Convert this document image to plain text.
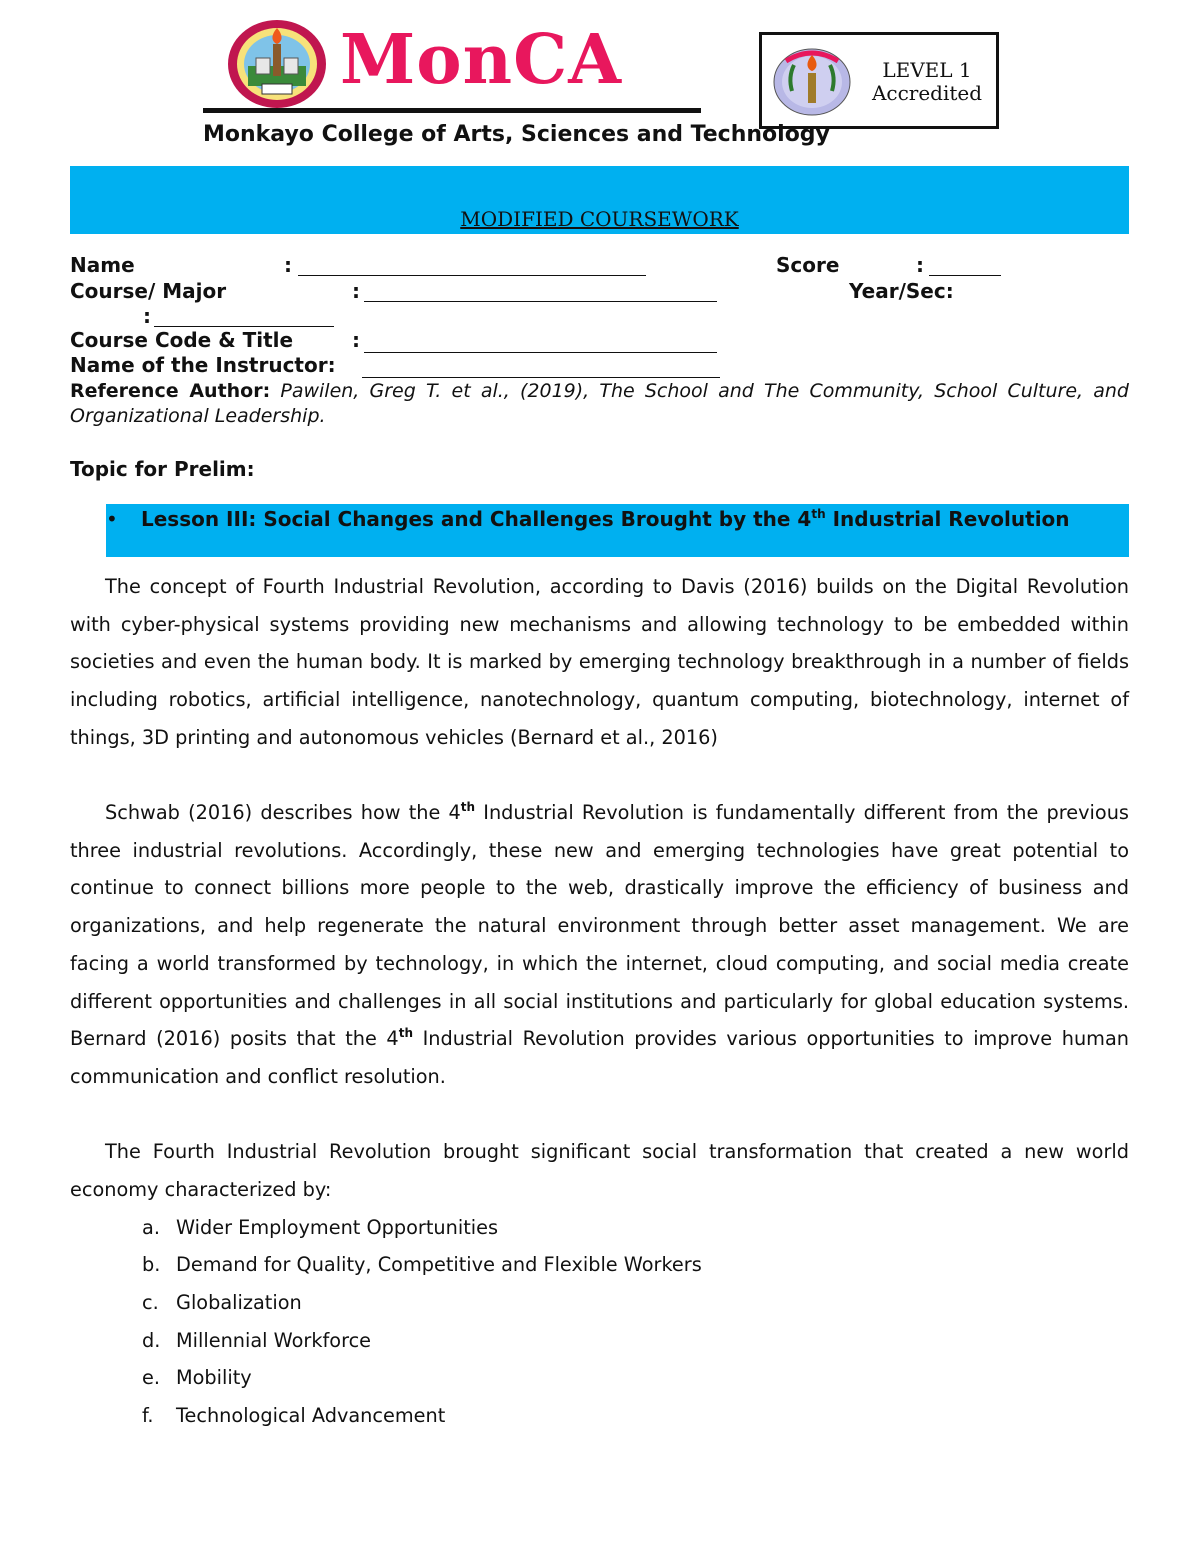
MonCA
Monkayo College of Arts, Sciences and Technology
LEVEL 1
Accredited
MODIFIED COURSEWORK
Name	:	Score	:
Course/ Major	:	Year/Sec:
:
Course Code & Title	:
Name of the Instructor:
Reference Author: Pawilen, Greg T. et al., (2019), The School and The Community, School Culture, and Organizational Leadership.
Topic for Prelim:
• Lesson III: Social Changes and Challenges Brought by the 4th Industrial Revolution
The concept of Fourth Industrial Revolution, according to Davis (2016) builds on the Digital Revolution with cyber-physical systems providing new mechanisms and allowing technology to be embedded within societies and even the human body. It is marked by emerging technology breakthrough in a number of fields including robotics, artificial intelligence, nanotechnology, quantum computing, biotechnology, internet of things, 3D printing and autonomous vehicles (Bernard et al., 2016)
Schwab (2016) describes how the 4th Industrial Revolution is fundamentally different from the previous three industrial revolutions. Accordingly, these new and emerging technologies have great potential to continue to connect billions more people to the web, drastically improve the efficiency of business and organizations, and help regenerate the natural environment through better asset management. We are facing a world transformed by technology, in which the internet, cloud computing, and social media create different opportunities and challenges in all social institutions and particularly for global education systems. Bernard (2016) posits that the 4th Industrial Revolution provides various opportunities to improve human communication and conflict resolution.
The Fourth Industrial Revolution brought significant social transformation that created a new world economy characterized by:
a. Wider Employment Opportunities
b. Demand for Quality, Competitive and Flexible Workers
c. Globalization
d. Millennial Workforce
e. Mobility
f. Technological Advancement
